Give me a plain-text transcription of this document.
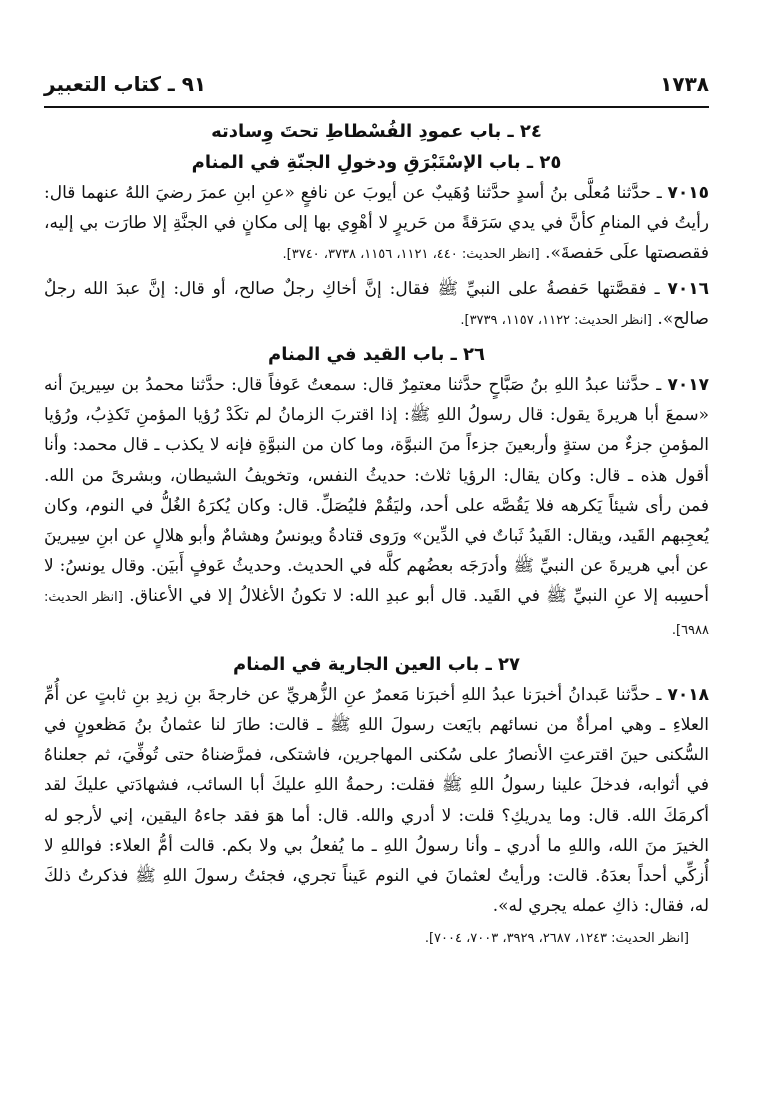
١٧٣٨
٩١ ـ كتاب التعبير
٢٤ ـ باب عمودِ الفُسْطاطِ تحتَ وِسادته
٢٥ ـ باب الإسْتَبْرَقِ ودخولِ الجنّةِ في المنام

٧٠١٥ ـ حدَّثنا مُعلَّى بنُ أسدٍ حدَّثنا وُهَيبٌ عن أيوبَ عن نافعٍ «عنِ ابنِ عمرَ رضيَ اللهُ عنهما قال: رأيتُ في المنامِ كأنَّ في يدي سَرَقةً من حَريرٍ لا أهْوِي بها إلى مكانٍ في الجنَّةِ إلا طارَت بي إليه، فقصصتها علَى حَفصةَ». [انظر الحديث: ٤٤٠، ١١٢١، ١١٥٦، ٣٧٣٨، ٣٧٤٠].

٧٠١٦ ـ فقصَّتها حَفصةُ على النبيِّ ﷺ فقال: إنَّ أخاكِ رجلٌ صالح، أو قال: إنَّ عبدَ الله رجلٌ صالح». [انظر الحديث: ١١٢٢، ١١٥٧، ٣٧٣٩].

٢٦ ـ باب القيد في المنام

٧٠١٧ ـ حدَّثنا عبدُ اللهِ بنُ صَبَّاحٍ حدَّثنا معتمِرٌ قال: سمعتُ عَوفاً قال: حدَّثنا محمدُ بن سِيرينَ أنه «سمعَ أبا هريرةَ يقول: قال رسولُ اللهِ ﷺ: إذا اقتربَ الزمانُ لم تكَدْ رُؤيا المؤمنِ تَكذِبُ، ورُؤيا المؤمنِ جزءٌ من ستةٍ وأربعينَ جزءاً منَ النبوَّة، وما كان من النبوَّةِ فإنه لا يكذب ـ قال محمد: وأنا أقول هذه ـ قال: وكان يقال: الرؤيا ثلاث: حديثُ النفس، وتخويفُ الشيطان، وبشرىً من الله. فمن رأى شيئاً يَكرهه فلا يَقُصَّه على أحد، وليَقُمْ فليُصَلِّ. قال: وكان يُكرَهُ الغُلُّ في النوم، وكان يُعجِبهم القَيد، ويقال: القَيدُ ثَباتٌ في الدِّين» ورَوى قتادةُ ويونسُ وهشامٌ وأبو هلالٍ عن ابنِ سِيرينَ عن أبي هريرةَ عن النبيِّ ﷺ وأدرَجَه بعضُهم كلَّه في الحديث. وحديثُ عَوفٍ أَبيَن. وقال يونسُ: لا أحسِبه إلا عنِ النبيِّ ﷺ في القَيد. قال أبو عبدِ الله: لا تكونُ الأغلالُ إلا في الأعناق. [انظر الحديث: ٦٩٨٨].

٢٧ ـ باب العين الجارية في المنام

٧٠١٨ ـ حدَّثنا عَبدانُ أخبرَنا عبدُ اللهِ أخبرَنا مَعمرٌ عنِ الزُّهريِّ عن خارجةَ بنِ زيدِ بنِ ثابتٍ عن أُمِّ العلاءِ ـ وهي امرأةٌ من نسائهم بايَعت رسولَ اللهِ ﷺ ـ قالت: طارَ لنا عثمانُ بنُ مَظعونٍ في السُّكنى حينَ اقترعتِ الأنصارُ على سُكنى المهاجرين، فاشتكى، فمرَّضناهُ حتى تُوفِّيَ، ثم جعلناهُ في أثوابه، فدخلَ علينا رسولُ اللهِ ﷺ فقلت: رحمةُ اللهِ عليكَ أبا السائب، فشهادَتي عليكَ لقد أكرمَكَ الله. قال: وما يدريكِ؟ قلت: لا أدري والله. قال: أما هوَ فقد جاءهُ اليقين، إني لأرجو له الخيرَ منَ الله، واللهِ ما أدري ـ وأنا رسولُ اللهِ ـ ما يُفعلُ بي ولا بكم. قالت أمُّ العلاء: فواللهِ لا أُزكِّي أحداً بعدَهُ. قالت: ورأيتُ لعثمانَ في النوم عَيناً تجري، فجئتُ رسولَ اللهِ ﷺ فذكرتُ ذلكَ له، فقال: ذاكِ عمله يجري له».

[انظر الحديث: ١٢٤٣، ٢٦٨٧، ٣٩٢٩، ٧٠٠٣، ٧٠٠٤].
